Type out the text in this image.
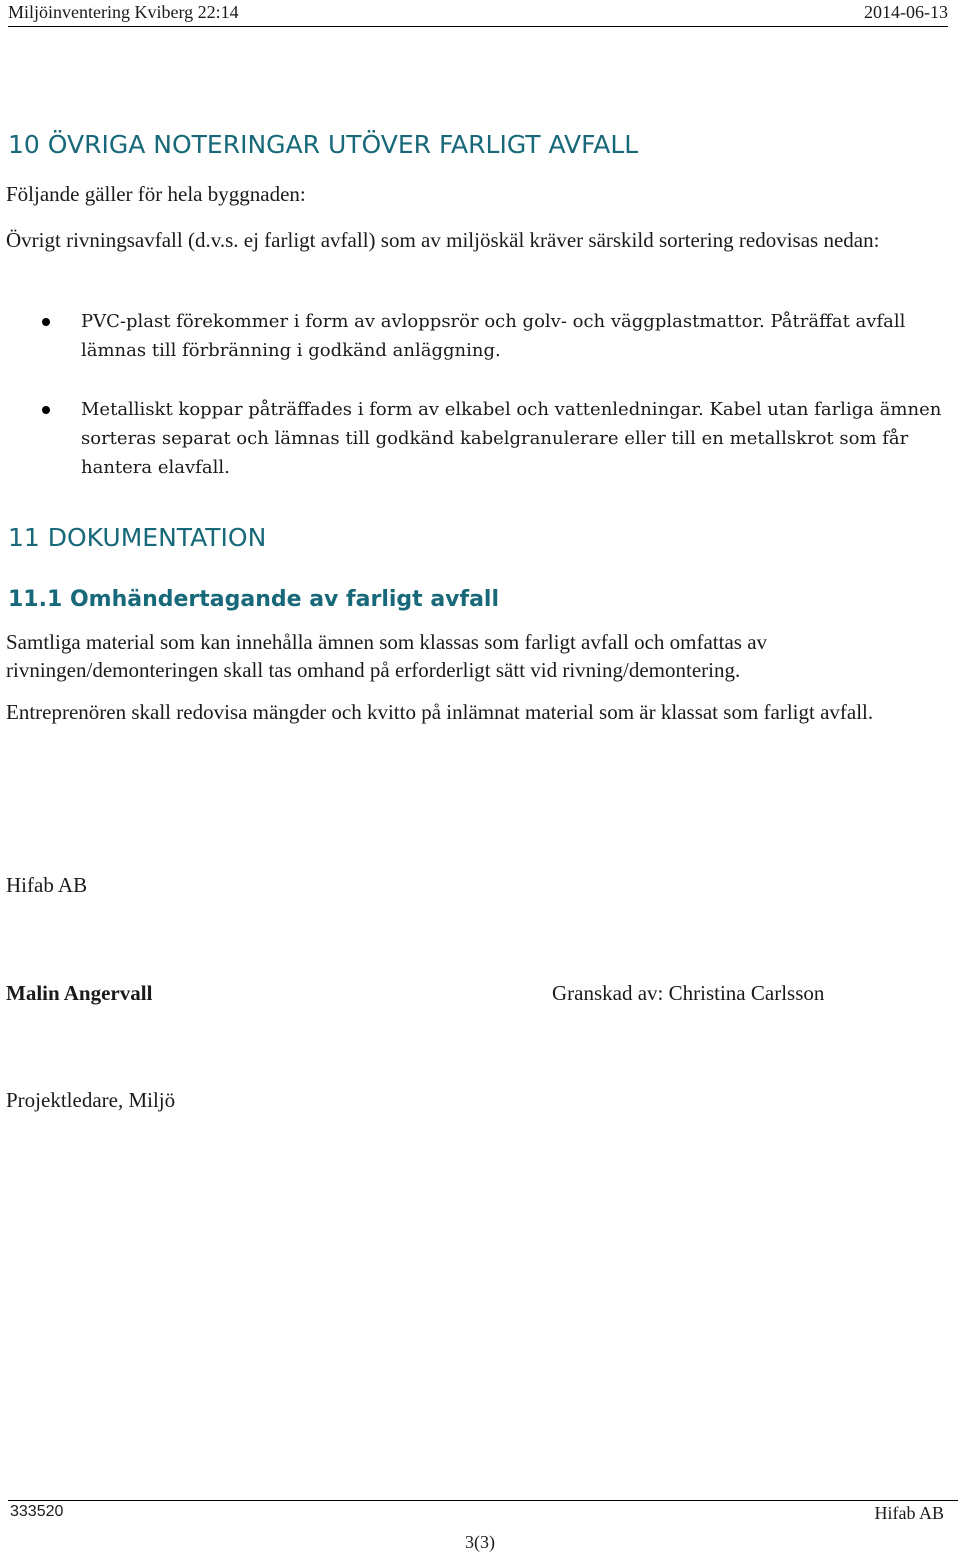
Miljöinventering Kviberg 22:14	2014-06-13
10 ÖVRIGA NOTERINGAR UTÖVER FARLIGT AVFALL

Följande gäller för hela byggnaden:

Övrigt rivningsavfall (d.v.s. ej farligt avfall) som av miljöskäl kräver särskild sortering redovisas nedan:

PVC-plast förekommer i form av avloppsrör och golv- och väggplastmattor. Påträffat avfall lämnas till förbränning i godkänd anläggning.
Metalliskt koppar påträffades i form av elkabel och vattenledningar. Kabel utan farliga ämnen sorteras separat och lämnas till godkänd kabelgranulerare eller till en metallskrot som får hantera elavfall.
11 DOKUMENTATION
11.1 Omhändertagande av farligt avfall

Samtliga material som kan innehålla ämnen som klassas som farligt avfall och omfattas av rivningen/demonteringen skall tas omhand på erforderligt sätt vid rivning/demontering.

Entreprenören skall redovisa mängder och kvitto på inlämnat material som är klassat som farligt avfall.

Hifab AB
Malin Angervall	Granskad av: Christina Carlsson
Projektledare, Miljö
333520	Hifab AB
3(3)
